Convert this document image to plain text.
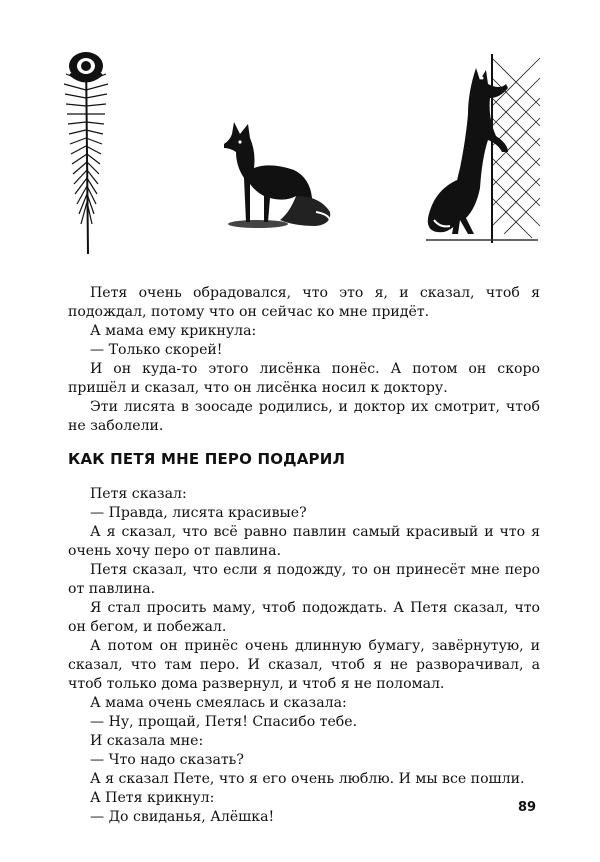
Петя очень обрадовался, что это я, и сказал, чтоб я подождал, потому что он сейчас ко мне придёт.

А мама ему крикнула:

— Только скорей!

И он куда-то этого лисёнка понёс. А потом он скоро пришёл и сказал, что он лисёнка носил к доктору.

Эти лисята в зоосаде родились, и доктор их смотрит, чтоб не заболели.

КАК ПЕТЯ МНЕ ПЕРО ПОДАРИЛ

Петя сказал:

— Правда, лисята красивые?

А я сказал, что всё равно павлин самый красивый и что я очень хочу перо от павлина.

Петя сказал, что если я подожду, то он принесёт мне перо от павлина.

Я стал просить маму, чтоб подождать. А Петя сказал, что он бегом, и побежал.

А потом он принёс очень длинную бумагу, завёрнутую, и сказал, что там перо. И сказал, чтоб я не разворачивал, а чтоб только дома развернул, и чтоб я не поломал.

А мама очень смеялась и сказала:

— Ну, прощай, Петя! Спасибо тебе.

И сказала мне:

— Что надо сказать?

А я сказал Пете, что я его очень люблю. И мы все пошли.

А Петя крикнул:

— До свиданья, Алёшка!

89
